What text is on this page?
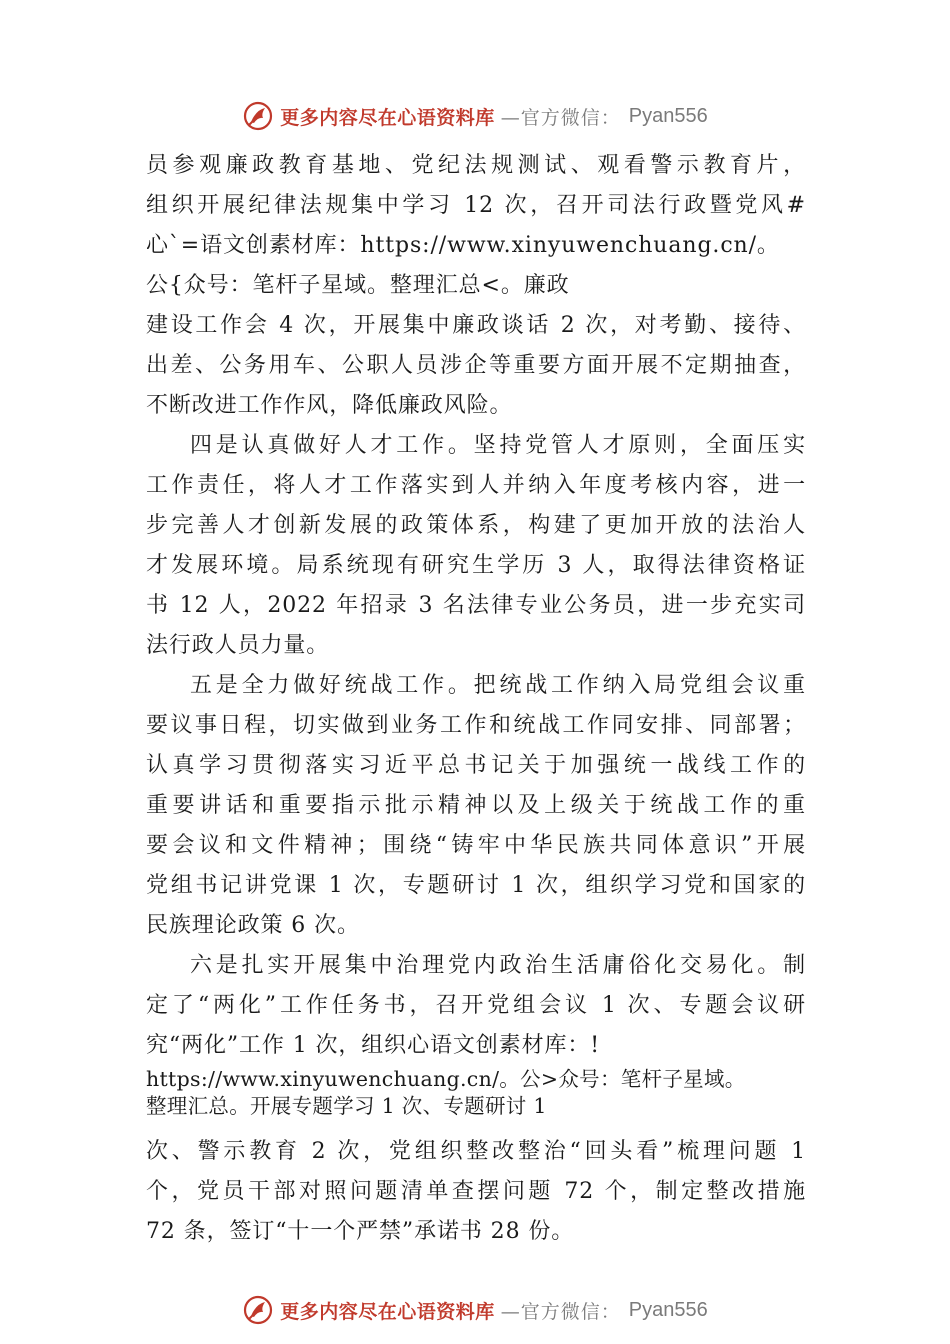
更多内容尽在心语资料库 —官方微信： Pyan556
员参观廉政教育基地、党纪法规测试、观看警示教育片，
组织开展纪律法规集中学习 12 次，召开司法行政暨党风#
心`=语文创素材库：https://www.xinyuwenchuang.cn/。
公{众号：笔杆子星域。整理汇总<。廉政
建设工作会 4 次，开展集中廉政谈话 2 次，对考勤、接待、
出差、公务用车、公职人员涉企等重要方面开展不定期抽查，
不断改进工作作风，降低廉政风险。
四是认真做好人才工作。坚持党管人才原则，全面压实
工作责任，将人才工作落实到人并纳入年度考核内容，进一
步完善人才创新发展的政策体系，构建了更加开放的法治人
才发展环境。局系统现有研究生学历 3 人，取得法律资格证
书 12 人，2022 年招录 3 名法律专业公务员，进一步充实司
法行政人员力量。
五是全力做好统战工作。把统战工作纳入局党组会议重
要议事日程，切实做到业务工作和统战工作同安排、同部署；
认真学习贯彻落实习近平总书记关于加强统一战线工作的
重要讲话和重要指示批示精神以及上级关于统战工作的重
要会议和文件精神；围绕“铸牢中华民族共同体意识”开展
党组书记讲党课 1 次，专题研讨 1 次，组织学习党和国家的
民族理论政策 6 次。
六是扎实开展集中治理党内政治生活庸俗化交易化。制
定了“两化”工作任务书，召开党组会议 1 次、专题会议研
究“两化”工作 1 次，组织心语文创素材库：!
https://www.xinyuwenchuang.cn/。公>众号：笔杆子星域。
整理汇总。开展专题学习 1 次、专题研讨 1
次、警示教育 2 次，党组织整改整治“回头看”梳理问题 1
个，党员干部对照问题清单查摆问题 72 个，制定整改措施
72 条，签订“十一个严禁”承诺书 28 份。
更多内容尽在心语资料库 —官方微信： Pyan556
